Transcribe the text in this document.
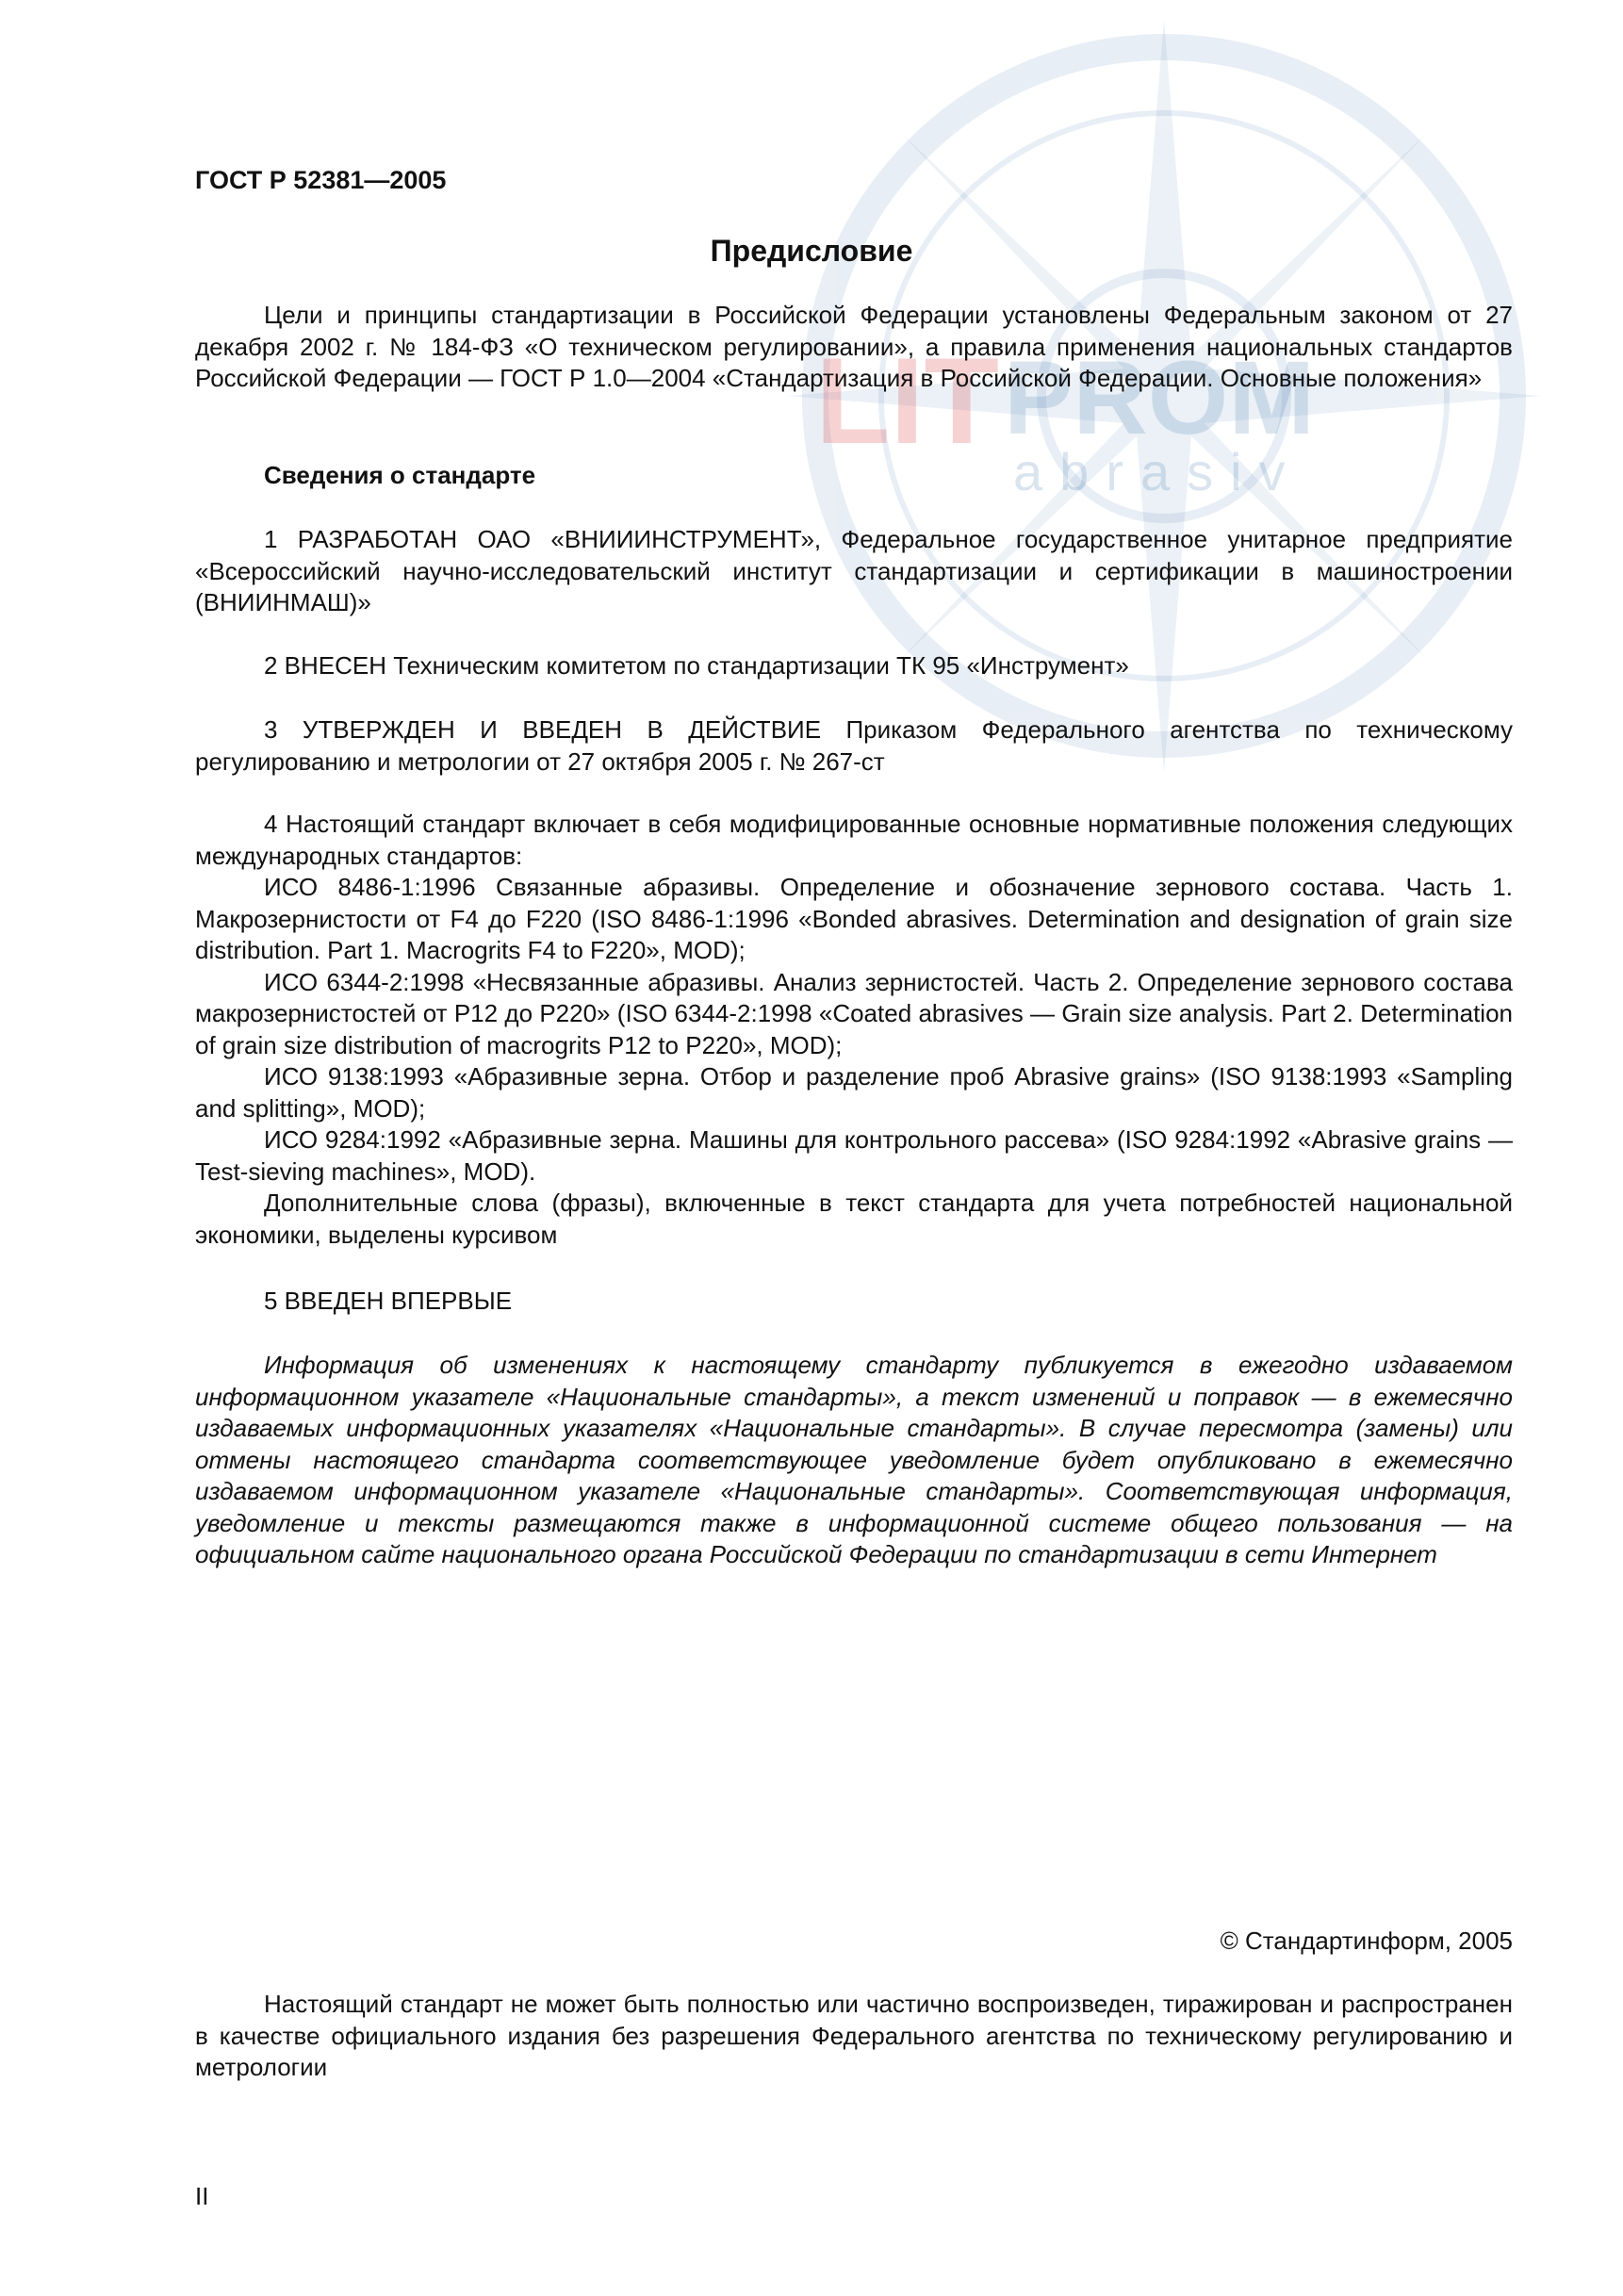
LIT PROM
abrasiv
ГОСТ Р 52381—2005
Предисловие
Цели и принципы стандартизации в Российской Федерации установлены Федеральным законом от 27 декабря 2002 г. № 184-ФЗ «О техническом регулировании», а правила применения национальных стандартов Российской Федерации — ГОСТ Р 1.0—2004 «Стандартизация в Российской Федерации. Основные положения»
Сведения о стандарте
1 РАЗРАБОТАН ОАО «ВНИИИНСТРУМЕНТ», Федеральное государственное унитарное предприятие «Всероссийский научно-исследовательский институт стандартизации и сертификации в машиностроении (ВНИИНМАШ)»
2 ВНЕСЕН Техническим комитетом по стандартизации ТК 95 «Инструмент»
3 УТВЕРЖДЕН И ВВЕДЕН В ДЕЙСТВИЕ Приказом Федерального агентства по техническому регулированию и метрологии от 27 октября 2005 г. № 267-ст

4 Настоящий стандарт включает в себя модифицированные основные нормативные положения следующих международных стандартов:

ИСО 8486-1:1996 Связанные абразивы. Определение и обозначение зернового состава. Часть 1. Макрозернистости от F4 до F220 (ISO 8486-1:1996 «Bonded abrasives. Determination and designation of grain size distribution. Part 1. Macrogrits F4 to F220», MOD);

ИСО 6344-2:1998 «Несвязанные абразивы. Анализ зернистостей. Часть 2. Определение зернового состава макрозернистостей от P12 до P220» (ISO 6344-2:1998 «Coated abrasives — Grain size analysis. Part 2. Determination of grain size distribution of macrogrits P12 to P220», MOD);

ИСО 9138:1993 «Абразивные зерна. Отбор и разделение проб Abrasive grains» (ISO 9138:1993 «Sampling and splitting», MOD);

ИСО 9284:1992 «Абразивные зерна. Машины для контрольного рассева» (ISO 9284:1992 «Abrasive grains — Test-sieving machines», MOD).

Дополнительные слова (фразы), включенные в текст стандарта для учета потребностей национальной экономики, выделены курсивом

5 ВВЕДЕН ВПЕРВЫЕ
Информация об изменениях к настоящему стандарту публикуется в ежегодно издаваемом информационном указателе «Национальные стандарты», а текст изменений и поправок — в ежемесячно издаваемых информационных указателях «Национальные стандарты». В случае пересмотра (замены) или отмены настоящего стандарта соответствующее уведомление будет опубликовано в ежемесячно издаваемом информационном указателе «Национальные стандарты». Соответствующая информация, уведомление и тексты размещаются также в информационной системе общего пользования — на официальном сайте национального органа Российской Федерации по стандартизации в сети Интернет
© Стандартинформ, 2005
Настоящий стандарт не может быть полностью или частично воспроизведен, тиражирован и распространен в качестве официального издания без разрешения Федерального агентства по техническому регулированию и метрологии
II
